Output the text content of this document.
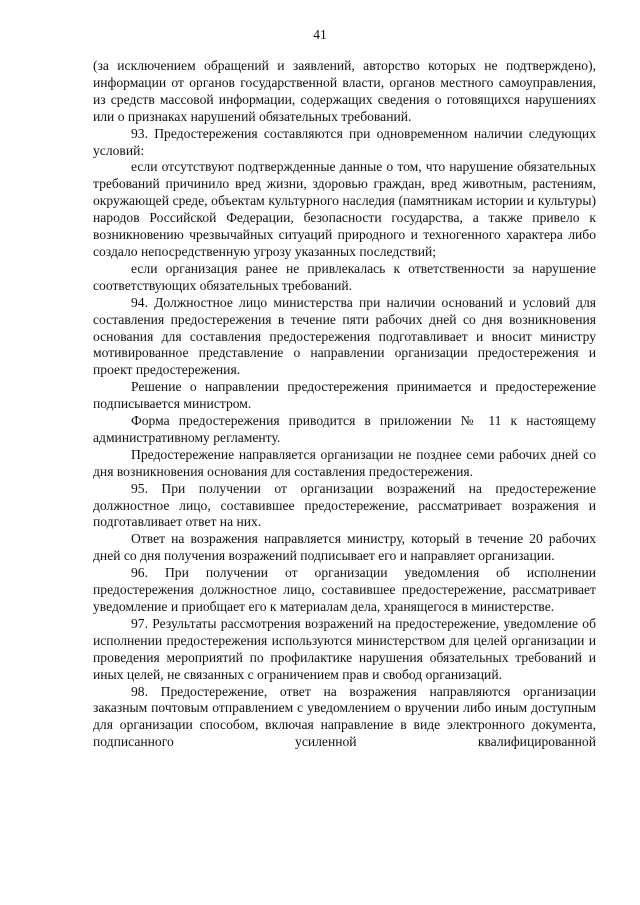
41

(за исключением обращений и заявлений, авторство которых не подтверждено), информации от органов государственной власти, органов местного самоуправления, из средств массовой информации, содержащих сведения о готовящихся нарушениях или о признаках нарушений обязательных требований.

93. Предостережения составляются при одновременном наличии следующих условий:

если отсутствуют подтвержденные данные о том, что нарушение обязательных требований причинило вред жизни, здоровью граждан, вред животным, растениям, окружающей среде, объектам культурного наследия (памятникам истории и культуры) народов Российской Федерации, безопасности государства, а также привело к возникновению чрезвычайных ситуаций природного и техногенного характера либо создало непосредственную угрозу указанных последствий;

если организация ранее не привлекалась к ответственности за нарушение соответствующих обязательных требований.

94. Должностное лицо министерства при наличии оснований и условий для составления предостережения в течение пяти рабочих дней со дня возникновения основания для составления предостережения подготавливает и вносит министру мотивированное представление о направлении организации предостережения и проект предостережения.

Решение о направлении предостережения принимается и предостережение подписывается министром.

Форма предостережения приводится в приложении № 11 к настоящему административному регламенту.

Предостережение направляется организации не позднее семи рабочих дней со дня возникновения основания для составления предостережения.

95. При получении от организации возражений на предостережение должностное лицо, составившее предостережение, рассматривает возражения и подготавливает ответ на них.

Ответ на возражения направляется министру, который в течение 20 рабочих дней со дня получения возражений подписывает его и направляет организации.

96. При получении от организации уведомления об исполнении предостережения должностное лицо, составившее предостережение, рассматривает уведомление и приобщает его к материалам дела, хранящегося в министерстве.

97. Результаты рассмотрения возражений на предостережение, уведомление об исполнении предостережения используются министерством для целей организации и проведения мероприятий по профилактике нарушения обязательных требований и иных целей, не связанных с ограничением прав и свобод организаций.

98. Предостережение, ответ на возражения направляются организации заказным почтовым отправлением с уведомлением о вручении либо иным доступным для организации способом, включая направление в виде электронного документа, подписанного усиленной квалифицированной
